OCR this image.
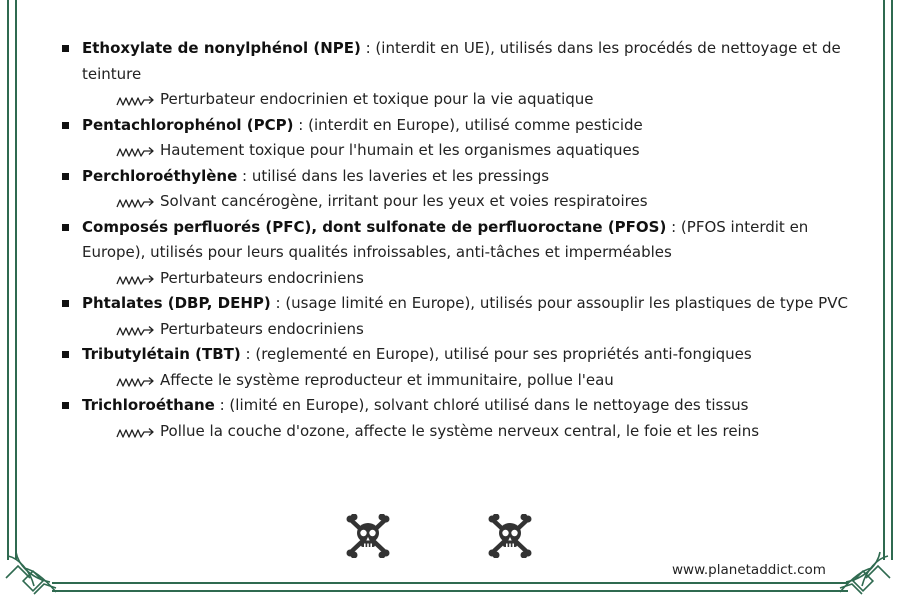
Ethoxylate de nonylphénol (NPE) : (interdit en UE), utilisés dans les procédés de nettoyage et de teinture
Perturbateur endocrinien et toxique pour la vie aquatique
Pentachlorophénol (PCP) : (interdit en Europe), utilisé comme pesticide
Hautement toxique pour l'humain et les organismes aquatiques
Perchloroéthylène : utilisé dans les laveries et les pressings
Solvant cancérogène, irritant pour les yeux et voies respiratoires
Composés perfluorés (PFC), dont sulfonate de perfluoroctane (PFOS) : (PFOS interdit en Europe), utilisés pour leurs qualités infroissables, anti-tâches et imperméables
Perturbateurs endocriniens
Phtalates (DBP, DEHP) : (usage limité en Europe), utilisés pour assouplir les plastiques de type PVC
Perturbateurs endocriniens
Tributylétain (TBT) : (reglementé en Europe), utilisé pour ses propriétés anti-fongiques
Affecte le système reproducteur et immunitaire, pollue l'eau
Trichloroéthane : (limité en Europe), solvant chloré utilisé dans le nettoyage des tissus
Pollue la couche d'ozone, affecte le système nerveux central, le foie et les reins
www.planetaddict.com
